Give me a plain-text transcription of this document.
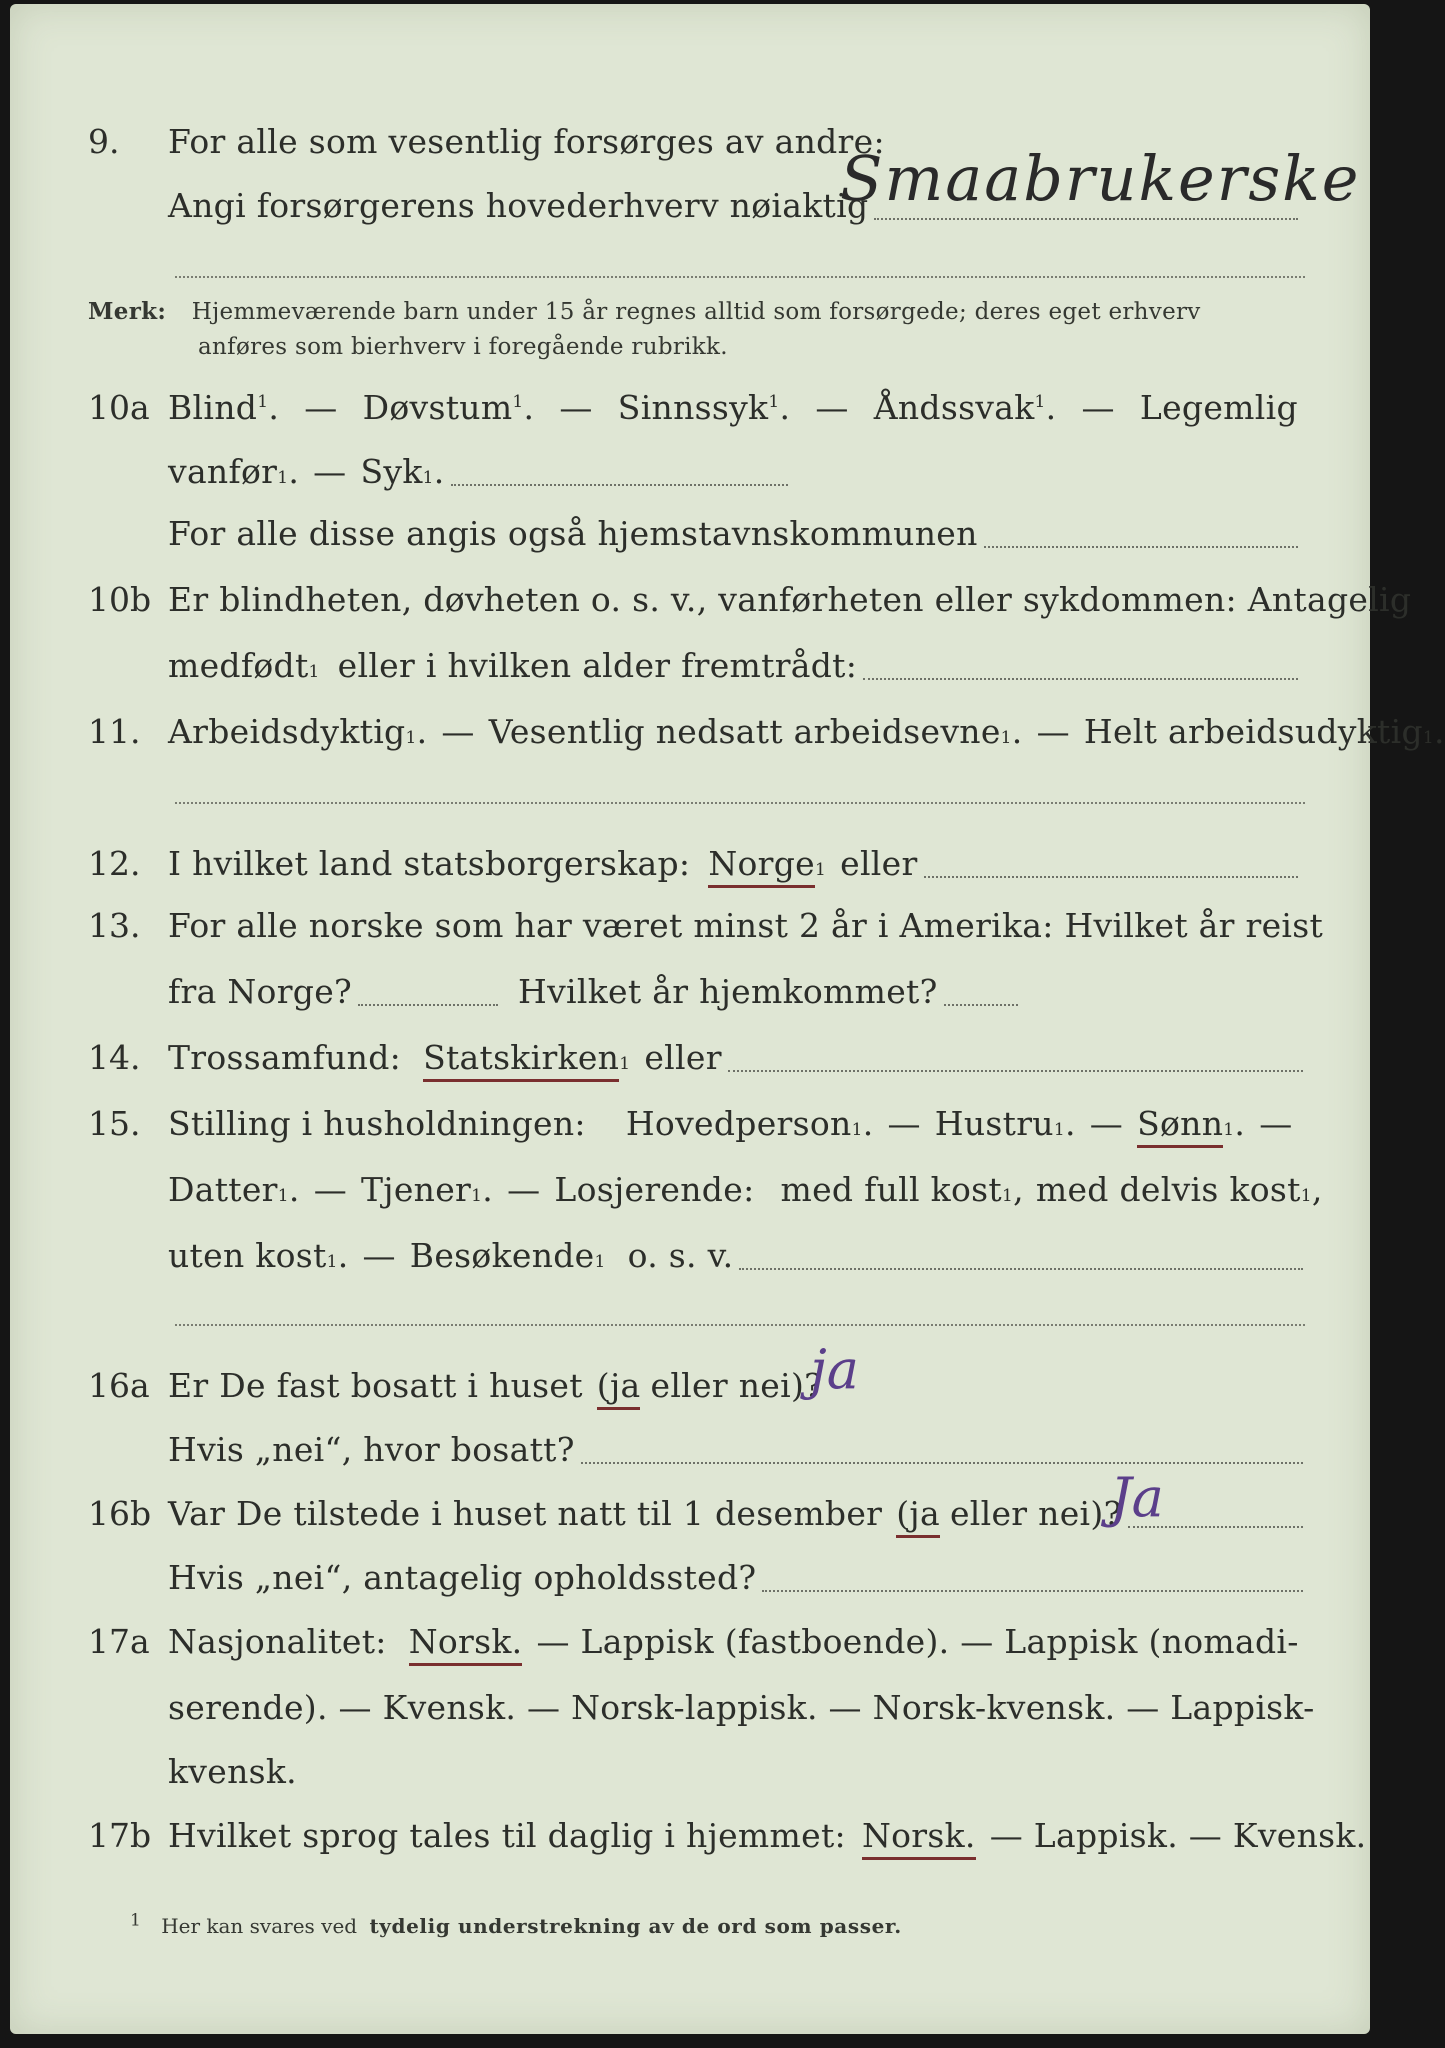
9.	For alle som vesentlig forsørges av andre:
Angi forsørgerens hovederhverv nøiaktig
Smaabrukerske
Merk: Hjemmeværende barn under 15 år regnes alltid som forsørgede; deres eget erhverv
anføres som bierhverv i foregående rubrikk.
10a Blind$^1$. — Døvstum$^1$. — Sinnssyk$^1$. — Åndssvak$^1$. — Legemlig
vanfør 1 . — Syk 1 .
For alle disse angis også hjemstavnskommunen
10b Er blindheten, døvheten o. s. v., vanførheten eller sykdommen: Antagelig
medfødt 1 eller i hvilken alder fremtrådt:
11. Arbeidsdyktig 1 . — Vesentlig nedsatt arbeidsevne 1 . — Helt arbeidsudyktig 1 .
12. I hvilket land statsborgerskap: Norge 1 eller
13. For alle norske som har været minst 2 år i Amerika: Hvilket år reist
fra Norge?	Hvilket år hjemkommet?
14. Trossamfund: Statskirken 1 eller
15. Stilling i husholdningen: Hovedperson 1 . — Hustru 1 . — Sønn 1 . —
Datter 1 . — Tjener 1 . — Losjerende: med full kost 1 , med delvis kost 1 ,
uten kost 1 . — Besøkende 1 o. s. v.
16a Er De fast bosatt i huset (ja eller nei)?
ja
Hvis „nei“, hvor bosatt?
16b Var De tilstede i huset natt til 1 desember (ja eller nei)?
Ja
Hvis „nei“, antagelig opholdssted?
17a Nasjonalitet: Norsk. — Lappisk (fastboende). — Lappisk (nomadi-
serende). — Kvensk. — Norsk-lappisk. — Norsk-kvensk. — Lappisk-
kvensk.
17b Hvilket sprog tales til daglig i hjemmet: Norsk. — Lappisk. — Kvensk.
$^1$ Her kan svares ved tydelig understrekning av de ord som passer.
